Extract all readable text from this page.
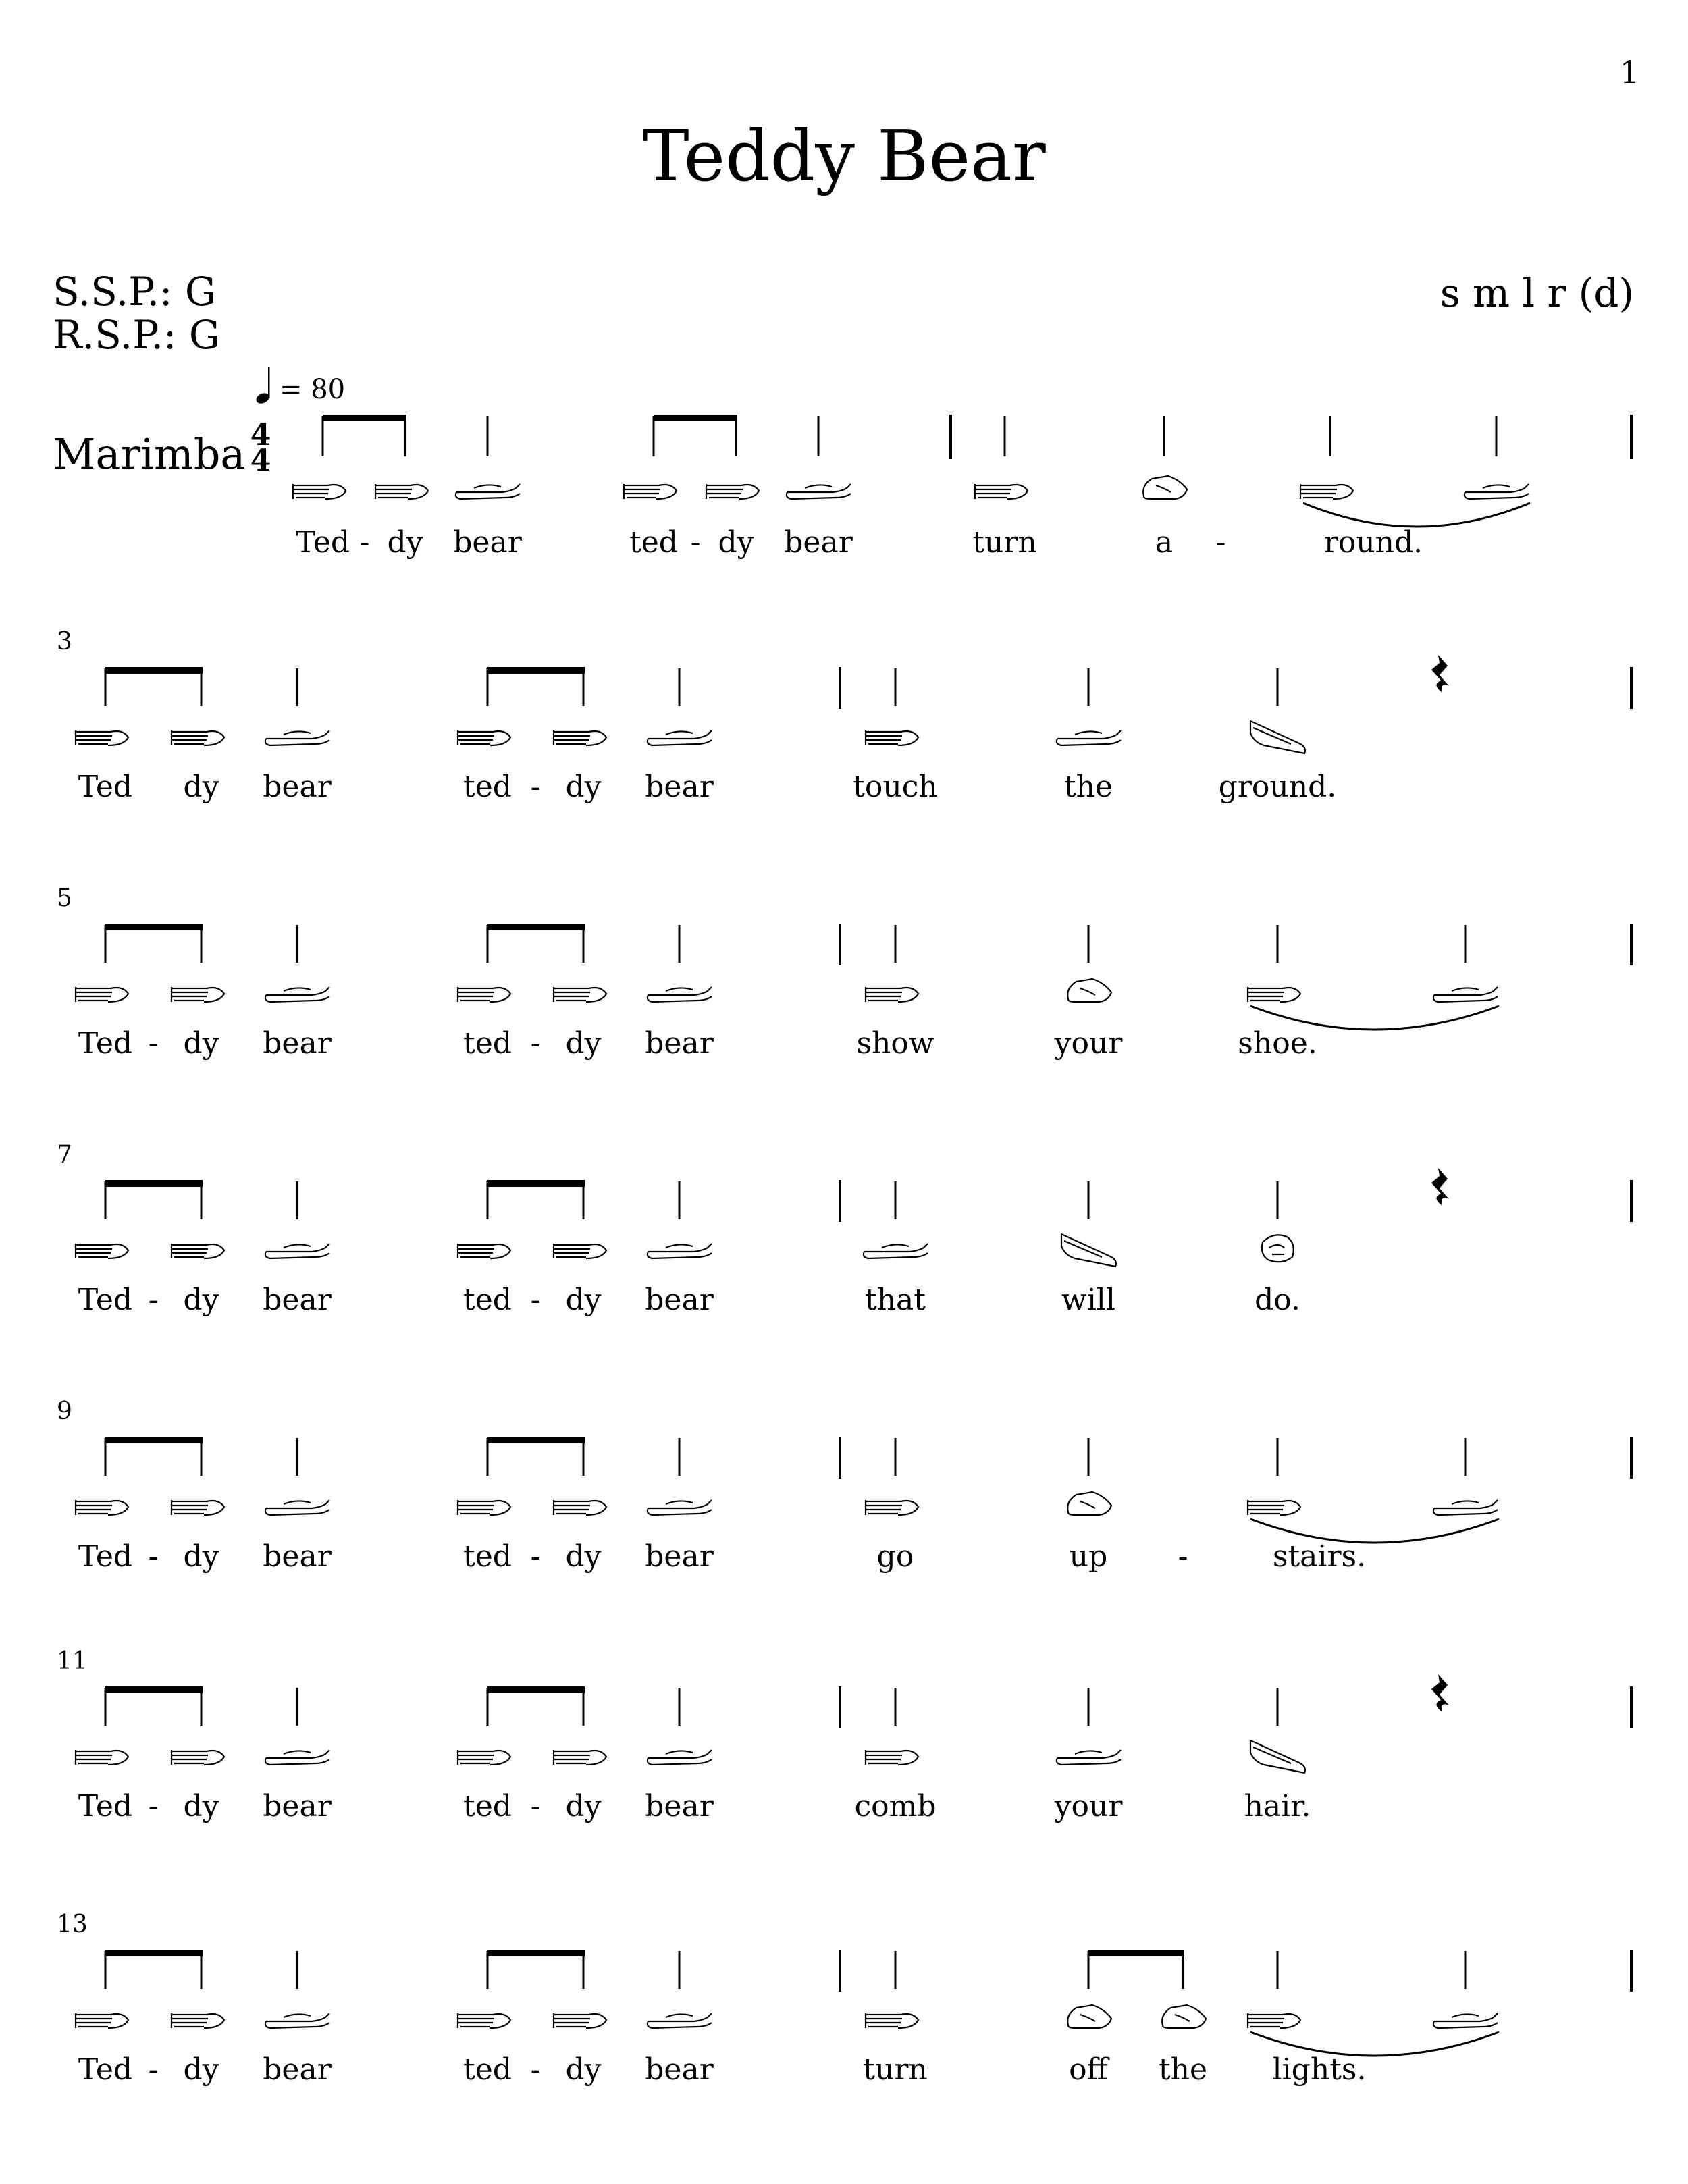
1
Teddy Bear
S.S.P.: G
R.S.P.: G
s m l r (d)
= 80
Marimba 4
4
Ted - dy bear	ted - dy bear	turn	a -	round.
3
Ted dy bear	ted - dy bear	touch	the	ground.
5
Ted - dy bear	ted - dy bear	show	your	shoe.
7
Ted - dy bear	ted - dy bear	that	will	do.
9
Ted - dy bear	ted - dy bear	go	up -	stairs.
11
Ted - dy bear	ted - dy bear	comb	your	hair.
13
Ted - dy bear	ted - dy bear	turn	off the lights.
